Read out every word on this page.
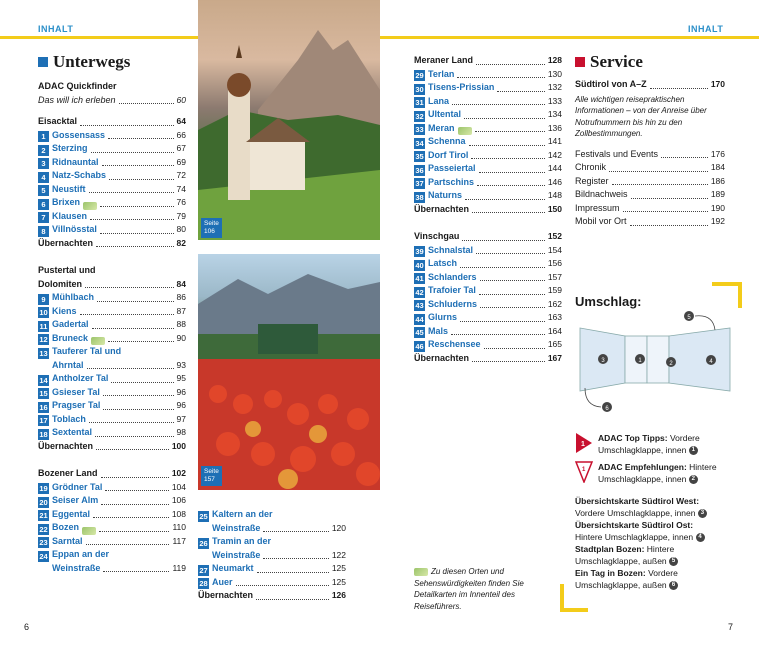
INHALT	INHALT
Unterwegs
ADAC Quickfinder
Das will ich erleben	60
Eisacktal	64
1 Gossensass	66
2 Sterzing	67
3 Ridnauntal	69
4 Natz-Schabs	72
5 Neustift	74
6 Brixen	76
7 Klausen	79
8 Villnösstal	80
Übernachten	82
Pustertal und
Dolomiten	84
9 Mühlbach	86
10 Kiens	87
11 Gadertal	88
12 Bruneck	90
13 Tauferer Tal und
Ahrntal	93
14 Antholzer Tal	95
15 Gsieser Tal	96
16 Pragser Tal	96
17 Toblach	97
18 Sextental	98
Übernachten	100
Bozener Land	102
19 Grödner Tal	104
20 Seiser Alm	106
21 Eggental	108
22 Bozen	110
23 Sarntal	117
24 Eppan an der
Weinstraße	119
Seite
106
Seite
157
25 Kaltern an der
Weinstraße	120
26 Tramin an der
Weinstraße	122
27 Neumarkt	125
28 Auer	125
Übernachten	126
Meraner Land	128
29 Terlan	130
30 Tisens-Prissian	132
31 Lana	133
32 Ultental	134
33 Meran	136
34 Schenna	141
35 Dorf Tirol	142
36 Passeiertal	144
37 Partschins	146
38 Naturns	148
Übernachten	150
Vinschgau	152
39 Schnalstal	154
40 Latsch	156
41 Schlanders	157
42 Trafoier Tal	159
43 Schluderns	162
44 Glurns	163
45 Mals	164
46 Reschensee	165
Übernachten	167
Zu diesen Orten und Sehenswürdigkeiten finden Sie Detailkarten im Innenteil des Reiseführers.
Service
Südtirol von A–Z	170
Alle wichtigen reisepraktischen Informationen – von der Anreise über Notrufnummern bis hin zu den Zollbestimmungen.
Festivals und Events	176
Chronik	184
Register	186
Bildnachweis	189
Impressum	190
Mobil vor Ort	192
Umschlag:
3	1	2	4
5
6
1
ADAC Top Tipps: Vordere Umschlagklappe, innen 1
1 ADAC Empfehlungen: Hintere Umschlagklappe, innen 2
Übersichtskarte Südtirol West:
Vordere Umschlagklappe, innen 3
Übersichtskarte Südtirol Ost:
Hintere Umschlagklappe, innen 4
Stadtplan Bozen: Hintere Umschlagklappe, außen 5
Ein Tag in Bozen: Vordere Umschlagklappe, außen 6
6	7
